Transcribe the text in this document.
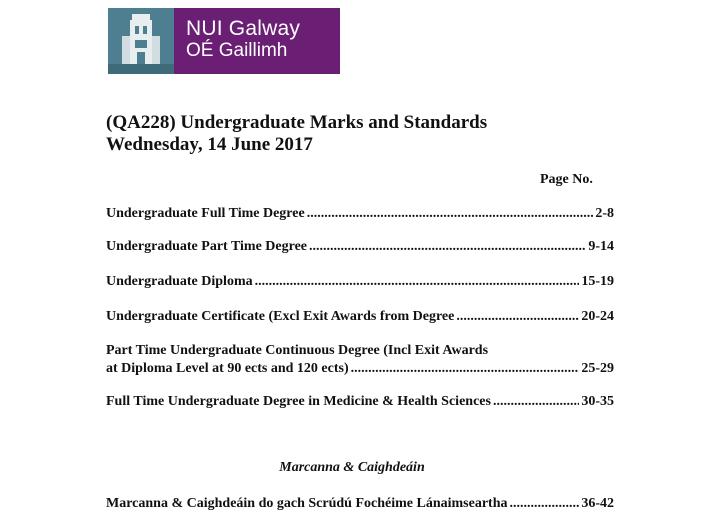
NUI Galway
OÉ Gaillimh
(QA228) Undergraduate Marks and Standards
Wednesday, 14 June 2017
Page No.
Undergraduate Full Time Degree .....	2-8
Undergraduate Part Time Degree .....	9-14
Undergraduate Diploma .....	15-19
Undergraduate Certificate (Excl Exit Awards from Degree .....	20-24
Part Time Undergraduate Continuous Degree (Incl Exit Awards
at Diploma Level at 90 ects and 120 ects) .....	25-29
Full Time Undergraduate Degree in Medicine & Health Sciences .....	30-35
Marcanna & Caighdeáin
Marcanna & Caighdeáin do gach Scrúdú Fochéime Lánaimseartha .....	36-42
